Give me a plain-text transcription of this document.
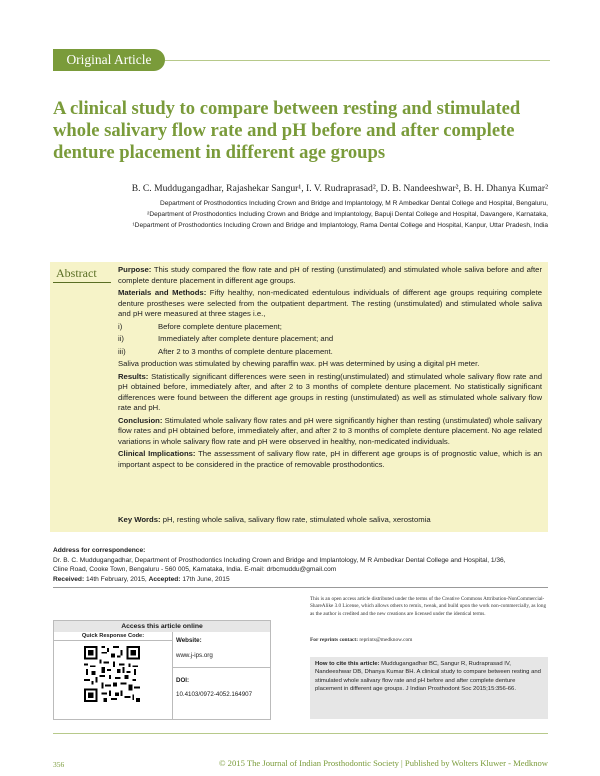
Original Article
A clinical study to compare between resting and stimulated whole salivary flow rate and pH before and after complete denture placement in different age groups
B. C. Muddugangadhar, Rajashekar Sangur¹, I. V. Rudraprasad², D. B. Nandeeshwar², B. H. Dhanya Kumar²
Department of Prosthodontics Including Crown and Bridge and Implantology, M R Ambedkar Dental College and Hospital, Bengaluru,
²Department of Prosthodontics Including Crown and Bridge and Implantology, Bapuji Dental College and Hospital, Davangere, Karnataka,
¹Department of Prosthodontics Including Crown and Bridge and Implantology, Rama Dental College and Hospital, Kanpur, Uttar Pradesh, India
Abstract	Purpose: This study compared the flow rate and pH of resting (unstimulated) and stimulated whole saliva before and after complete denture placement in different age groups.

Materials and Methods: Fifty healthy, non-medicated edentulous individuals of different age groups requiring complete denture prostheses were selected from the outpatient department. The resting (unstimulated) and stimulated whole saliva and pH were measured at three stages i.e.,

i)	Before complete denture placement;
ii)	Immediately after complete denture placement; and
iii)	After 2 to 3 months of complete denture placement.

Saliva production was stimulated by chewing paraffin wax. pH was determined by using a digital pH meter.

Results: Statistically significant differences were seen in resting(unstimulated) and stimulated whole salivary flow rate and pH obtained before, immediately after, and after 2 to 3 months of complete denture placement. No statistically significant differences were found between the different age groups in resting (unstimulated) as well as stimulated whole salivary flow rate and pH.

Conclusion: Stimulated whole salivary flow rates and pH were significantly higher than resting (unstimulated) whole salivary flow rates and pH obtained before, immediately after, and after 2 to 3 months of complete denture placement. No age related variations in whole salivary flow rate and pH were observed in healthy, non-medicated individuals.

Clinical Implications: The assessment of salivary flow rate, pH in different age groups is of prognostic value, which is an important aspect to be considered in the practice of removable prosthodontics.

Key Words: pH, resting whole saliva, salivary flow rate, stimulated whole saliva, xerostomia
Address for correspondence:
Dr. B. C. Muddugangadhar, Department of Prosthodontics Including Crown and Bridge and Implantology, M R Ambedkar Dental College and Hospital, 1/36,
Cline Road, Cooke Town, Bengaluru - 560 005, Karnataka, India. E-mail: drbcmuddu@gmail.com
Received: 14th February, 2015, Accepted: 17th June, 2015
Access this article online
Quick Response Code:
Website:
www.j-ips.org
DOI:
10.4103/0972-4052.164907
This is an open access article distributed under the terms of the Creative Commons Attribution-NonCommercial-ShareAlike 3.0 License, which allows others to remix, tweak, and build upon the work non-commercially, as long as the author is credited and the new creations are licensed under the identical terms.
For reprints contact: reprints@medknow.com
How to cite this article: Muddugangadhar BC, Sangur R, Rudraprasad IV, Nandeeshwar DB, Dhanya Kumar BH. A clinical study to compare between resting and stimulated whole salivary flow rate and pH before and after complete denture placement in different age groups. J Indian Prosthodont Soc 2015;15:356-66.
356	© 2015 The Journal of Indian Prosthodontic Society | Published by Wolters Kluwer - Medknow
